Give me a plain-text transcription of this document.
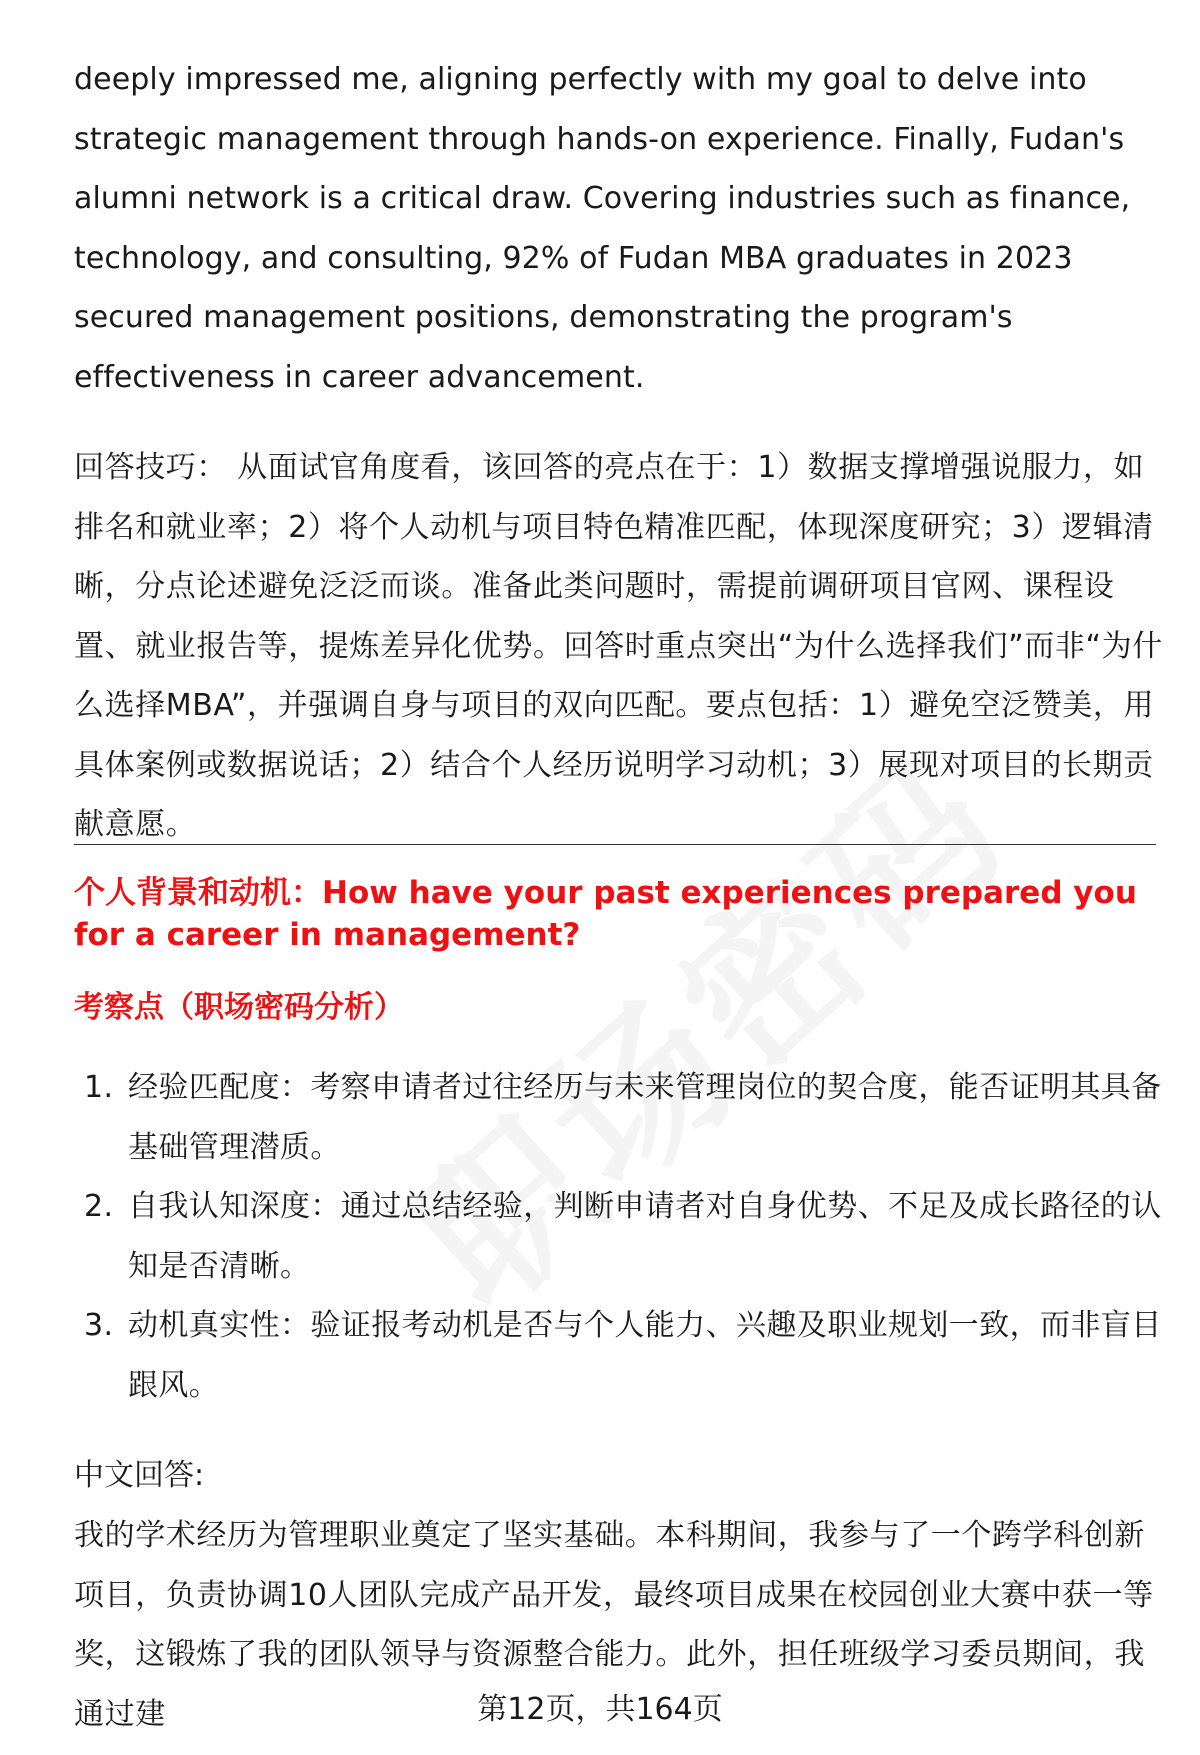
deeply impressed me, aligning perfectly with my goal to delve into strategic management through hands-on experience. Finally, Fudan's alumni network is a critical draw. Covering industries such as finance, technology, and consulting, 92% of Fudan MBA graduates in 2023 secured management positions, demonstrating the program's effectiveness in career advancement.

回答技巧： 从面试官角度看，该回答的亮点在于：1）数据支撑增强说服力，如排名和就业率；2）将个人动机与项目特色精准匹配，体现深度研究；3）逻辑清晰，分点论述避免泛泛而谈。准备此类问题时，需提前调研项目官网、课程设置、就业报告等，提炼差异化优势。回答时重点突出“为什么选择我们”而非“为什么选择MBA”，并强调自身与项目的双向匹配。要点包括：1）避免空泛赞美，用具体案例或数据说话；2）结合个人经历说明学习动机；3）展现对项目的长期贡献意愿。

个人背景和动机：How have your past experiences prepared you for a career in management?
考察点（职场密码分析）
1. 经验匹配度：考察申请者过往经历与未来管理岗位的契合度，能否证明其具备基础管理潜质。
2. 自我认知深度：通过总结经验，判断申请者对自身优势、不足及成长路径的认知是否清晰。
3. 动机真实性：验证报考动机是否与个人能力、兴趣及职业规划一致，而非盲目跟风。

中文回答:

我的学术经历为管理职业奠定了坚实基础。本科期间，我参与了一个跨学科创新项目，负责协调10人团队完成产品开发，最终项目成果在校园创业大赛中获一等奖，这锻炼了我的团队领导与资源整合能力。此外，担任班级学习委员期间，我通过建	第12页，共164页
